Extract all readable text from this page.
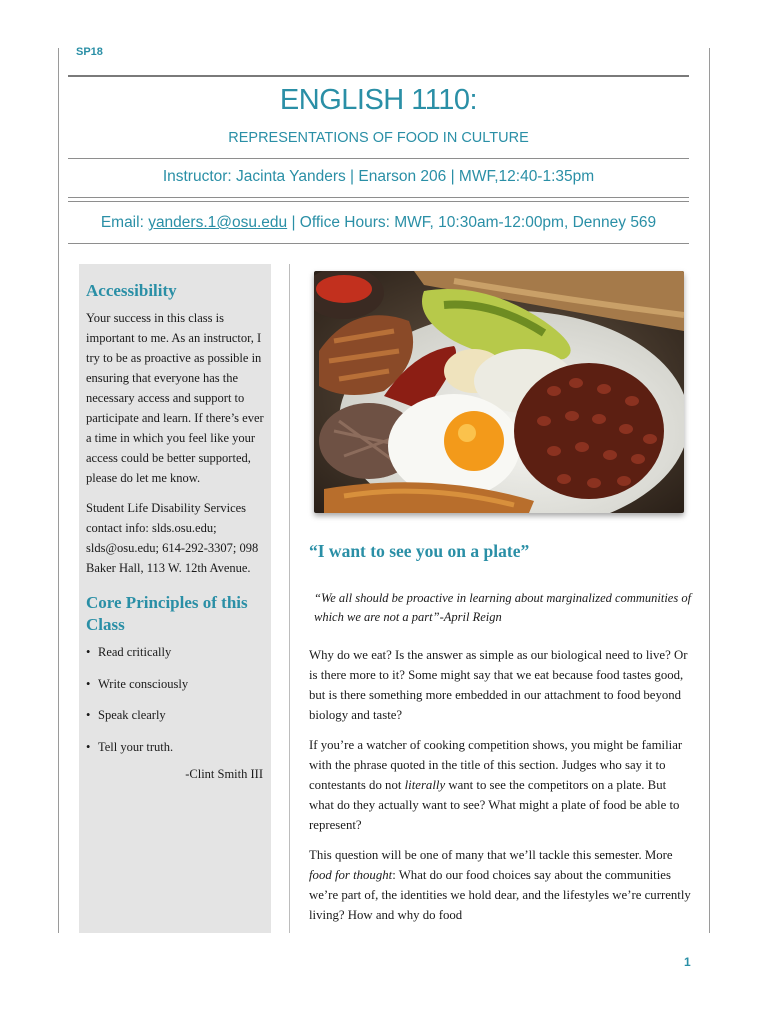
SP18
ENGLISH 1110:
REPRESENTATIONS OF FOOD IN CULTURE
Instructor: Jacinta Yanders | Enarson 206 | MWF,12:40-1:35pm
Email: yanders.1@osu.edu | Office Hours: MWF, 10:30am-12:00pm, Denney 569
Accessibility

Your success in this class is important to me. As an instructor, I try to be as proactive as possible in ensuring that everyone has the necessary access and support to participate and learn. If there’s ever a time in which you feel like your access could be better supported, please do let me know.

Student Life Disability Services contact info: slds.osu.edu; slds@osu.edu; 614-292-3307; 098 Baker Hall, 113 W. 12th Avenue.

Core Principles of this Class
• Read critically
• Write consciously
• Speak clearly
• Tell your truth.
-Clint Smith III
“I want to see you on a plate”
“We all should be proactive in learning about marginalized communities of which we are not a part”-April Reign

Why do we eat? Is the answer as simple as our biological need to live? Or is there more to it? Some might say that we eat because food tastes good, but is there something more embedded in our attachment to food beyond biology and taste?

If you’re a watcher of cooking competition shows, you might be familiar with the phrase quoted in the title of this section. Judges who say it to contestants do not literally want to see the competitors on a plate. But what do they actually want to see? What might a plate of food be able to represent?

This question will be one of many that we’ll tackle this semester. More food for thought: What do our food choices say about the communities we’re part of, the identities we hold dear, and the lifestyles we’re currently living? How and why do food

1
